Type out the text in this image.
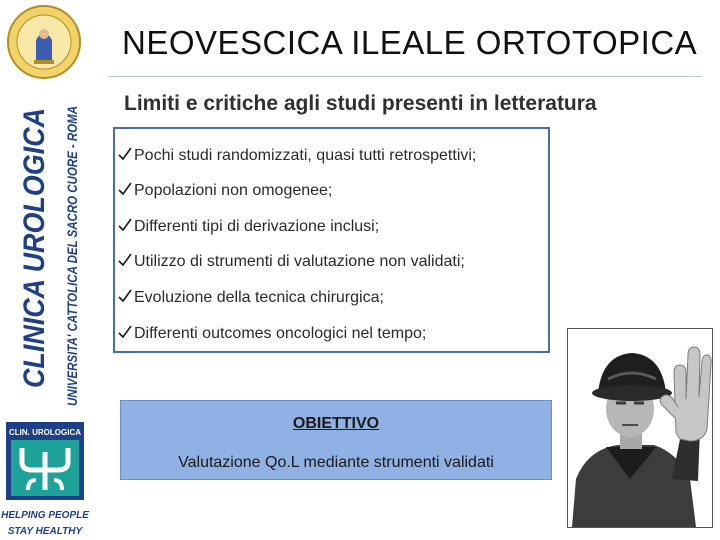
CLINICA UROLOGICA UNIVERSITA' CATTOLICA DEL SACRO CUORE - ROMA
CLIN. UROLOGICA
HELPING PEOPLE
STAY HEALTHY
NEOVESCICA ILEALE ORTOTOPICA
Limiti e critiche agli studi presenti in letteratura
Pochi studi randomizzati, quasi tutti retrospettivi;
Popolazioni non omogenee;
Differenti tipi di derivazione inclusi;
Utilizzo di strumenti di valutazione non validati;
Evoluzione della tecnica chirurgica;
Differenti outcomes oncologici nel tempo;
OBIETTIVO
Valutazione Qo.L mediante strumenti validati
